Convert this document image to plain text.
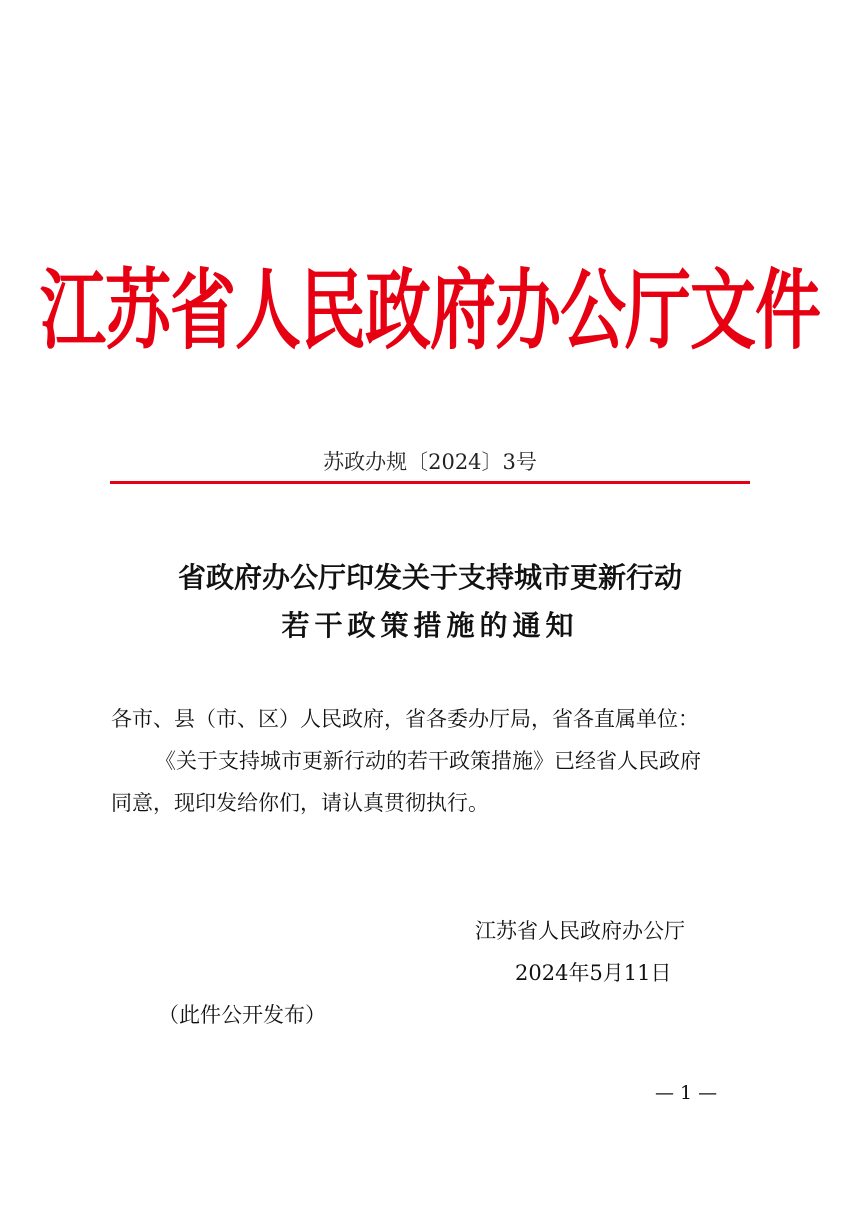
江苏省人民政府办公厅文件
苏政办规〔2024〕3号
省政府办公厅印发关于支持城市更新行动
若干政策措施的通知
各市、县（市、区）人民政府，省各委办厅局，省各直属单位：
《关于支持城市更新行动的若干政策措施》已经省人民政府
同意，现印发给你们，请认真贯彻执行。
江苏省人民政府办公厅
2024年5月11日
（此件公开发布）
— 1 —
